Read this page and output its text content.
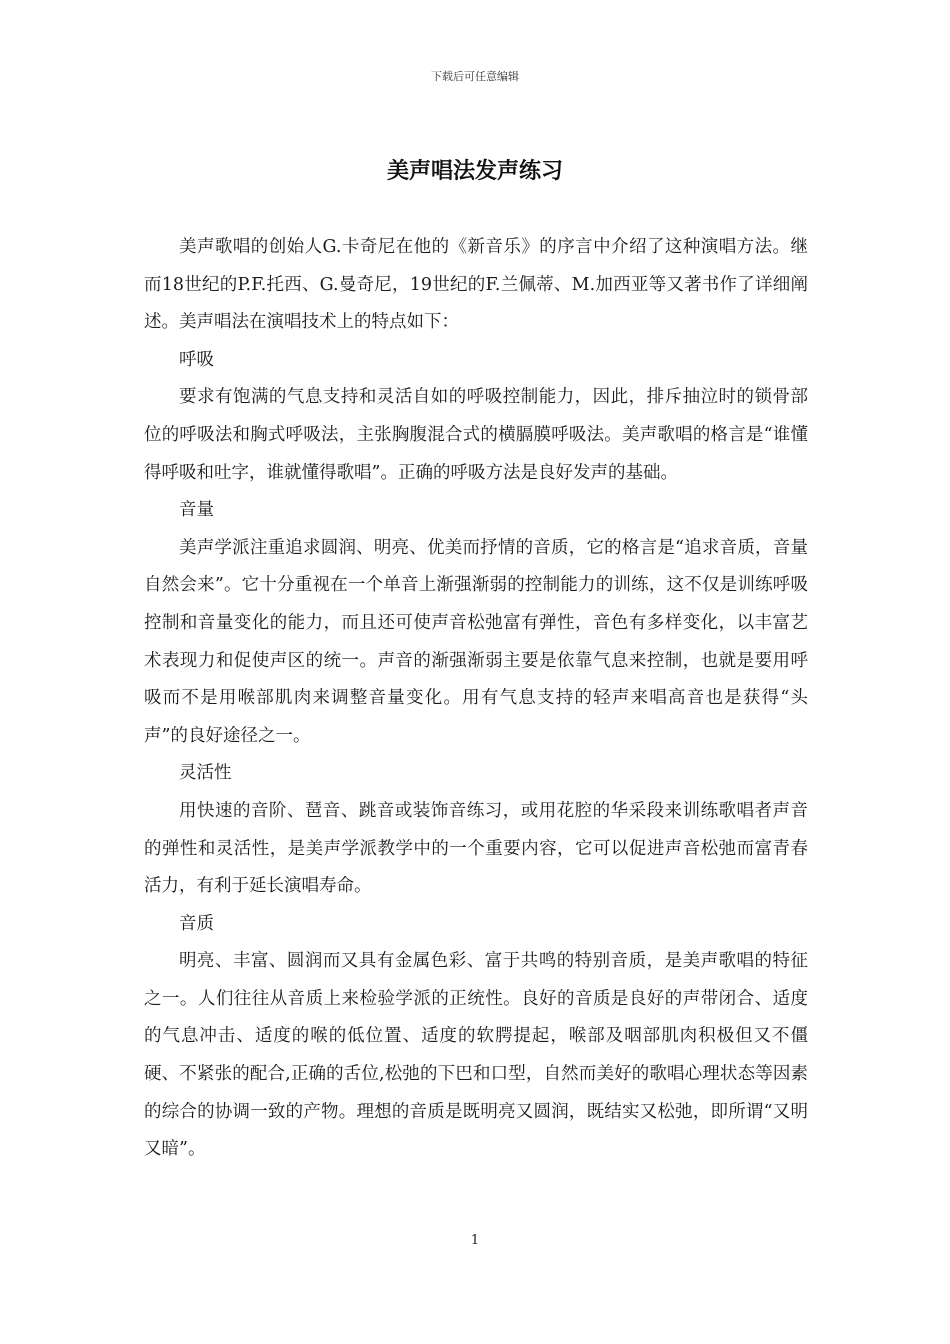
下载后可任意编辑
美声唱法发声练习

美声歌唱的创始人G.卡奇尼在他的《新音乐》的序言中介绍了这种演唱方法。继而18世纪的P.F.托西、G.曼奇尼，19世纪的F.兰佩蒂、M.加西亚等又著书作了详细阐述。美声唱法在演唱技术上的特点如下：

呼吸

要求有饱满的气息支持和灵活自如的呼吸控制能力，因此，排斥抽泣时的锁骨部位的呼吸法和胸式呼吸法，主张胸腹混合式的横膈膜呼吸法。美声歌唱的格言是“谁懂得呼吸和吐字，谁就懂得歌唱”。正确的呼吸方法是良好发声的基础。

音量

美声学派注重追求圆润、明亮、优美而抒情的音质，它的格言是“追求音质，音量自然会来”。它十分重视在一个单音上渐强渐弱的控制能力的训练，这不仅是训练呼吸控制和音量变化的能力，而且还可使声音松弛富有弹性，音色有多样变化，以丰富艺术表现力和促使声区的统一。声音的渐强渐弱主要是依靠气息来控制，也就是要用呼吸而不是用喉部肌肉来调整音量变化。用有气息支持的轻声来唱高音也是获得“头声”的良好途径之一。

灵活性

用快速的音阶、琶音、跳音或装饰音练习，或用花腔的华采段来训练歌唱者声音的弹性和灵活性，是美声学派教学中的一个重要内容，它可以促进声音松弛而富青春活力，有利于延长演唱寿命。

音质

明亮、丰富、圆润而又具有金属色彩、富于共鸣的特别音质，是美声歌唱的特征之一。人们往往从音质上来检验学派的正统性。良好的音质是良好的声带闭合、适度的气息冲击、适度的喉的低位置、适度的软腭提起，喉部及咽部肌肉积极但又不僵硬、不紧张的配合,正确的舌位,松弛的下巴和口型，自然而美好的歌唱心理状态等因素的综合的协调一致的产物。理想的音质是既明亮又圆润，既结实又松弛，即所谓“又明又暗”。

1
